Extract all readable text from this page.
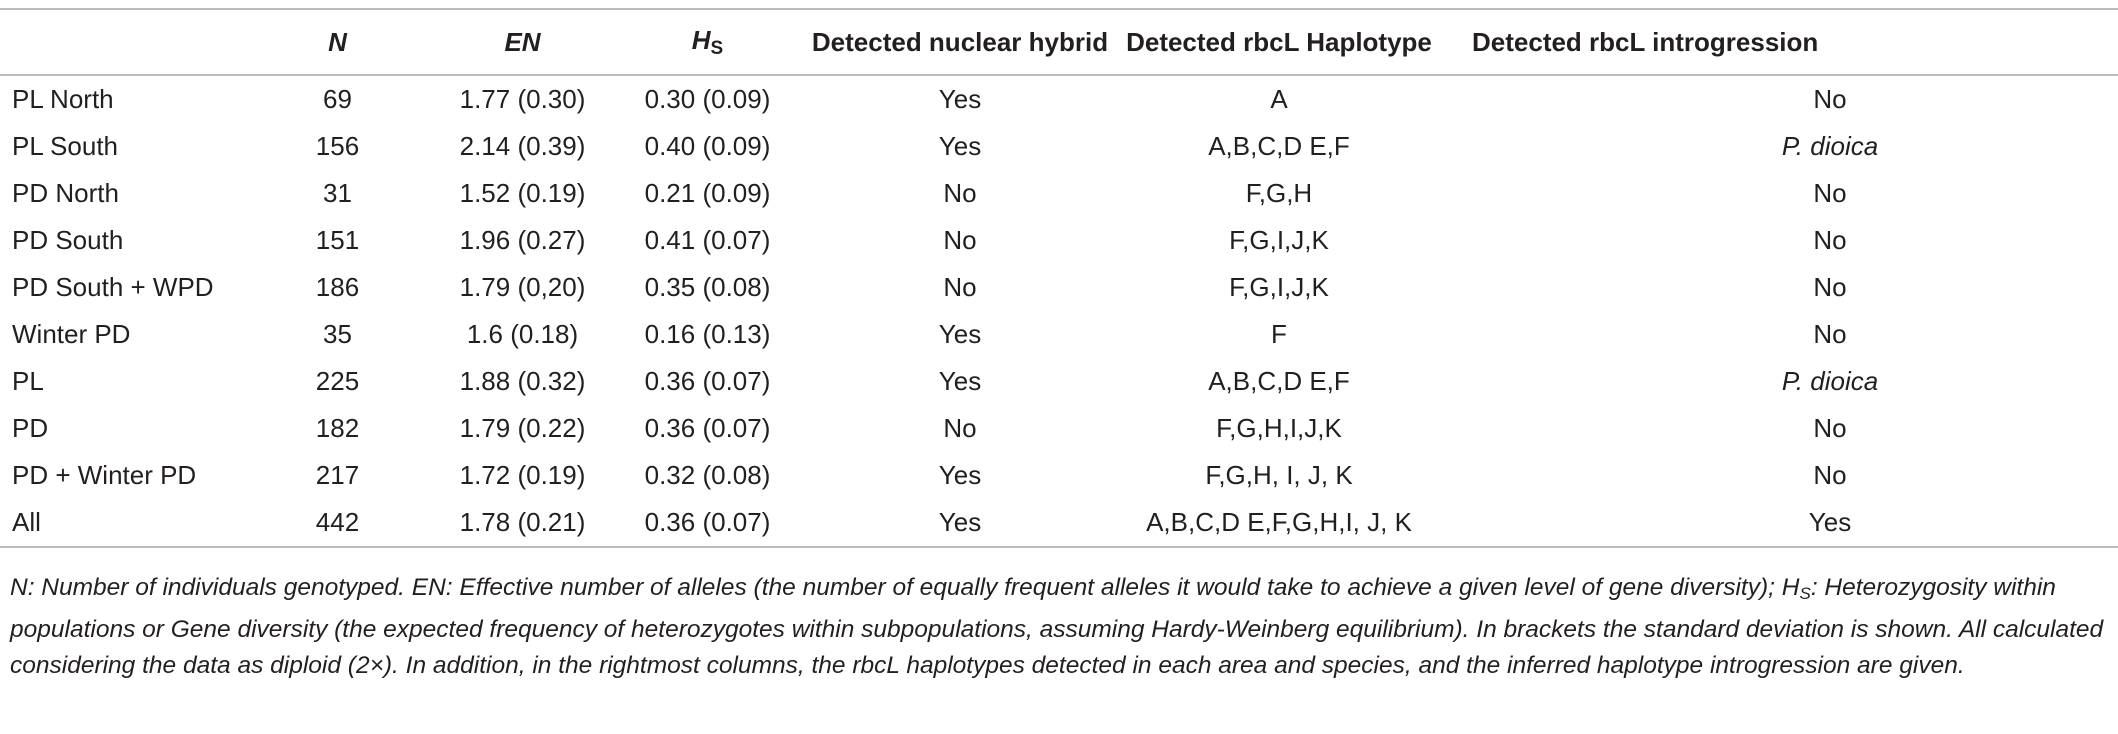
	N	EN	$H_S$	Detected nuclear hybrid	Detected rbcL Haplotype	Detected rbcL introgression
PL North	69	1.77 (0.30)	0.30 (0.09)	Yes	A	No
PL South	156	2.14 (0.39)	0.40 (0.09)	Yes	A,B,C,D E,F	P. dioica
PD North	31	1.52 (0.19)	0.21 (0.09)	No	F,G,H	No
PD South	151	1.96 (0.27)	0.41 (0.07)	No	F,G,I,J,K	No
PD South + WPD	186	1.79 (0,20)	0.35 (0.08)	No	F,G,I,J,K	No
Winter PD	35	1.6 (0.18)	0.16 (0.13)	Yes	F	No
PL	225	1.88 (0.32)	0.36 (0.07)	Yes	A,B,C,D E,F	P. dioica
PD	182	1.79 (0.22)	0.36 (0.07)	No	F,G,H,I,J,K	No
PD + Winter PD	217	1.72 (0.19)	0.32 (0.08)	Yes	F,G,H, I, J, K	No
All	442	1.78 (0.21)	0.36 (0.07)	Yes	A,B,C,D E,F,G,H,I, J, K	Yes
N: Number of individuals genotyped. EN: Effective number of alleles (the number of equally frequent alleles it would take to achieve a given level of gene diversity); $H_S$: Heterozygosity within populations or Gene diversity (the expected frequency of heterozygotes within subpopulations, assuming Hardy-Weinberg equilibrium). In brackets the standard deviation is shown. All calculated considering the data as diploid (2×). In addition, in the rightmost columns, the rbcL haplotypes detected in each area and species, and the inferred haplotype introgression are given.
